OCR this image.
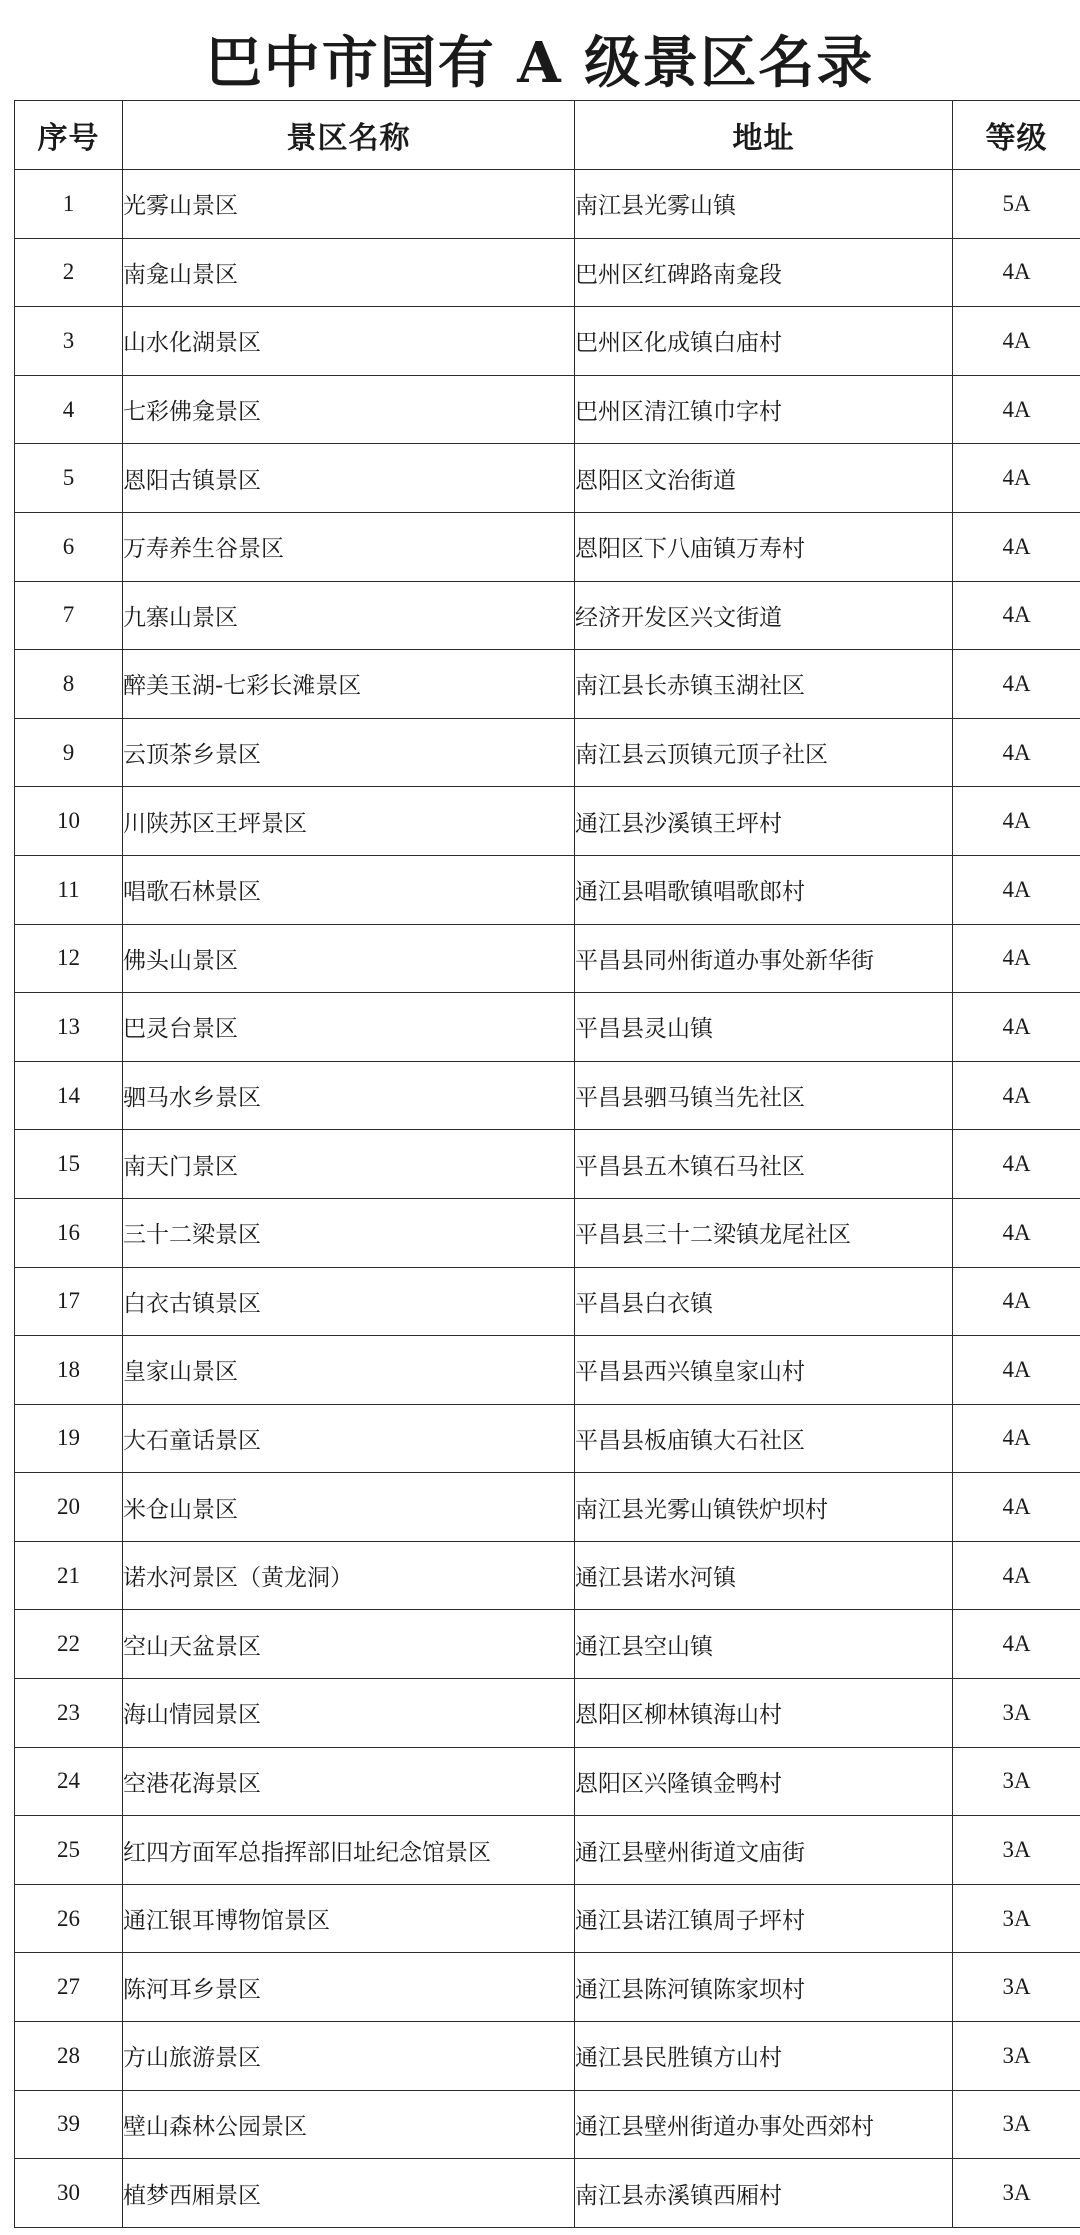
巴中市国有 A 级景区名录
序号	景区名称	地址	等级
1	光雾山景区	南江县光雾山镇	5A
2	南龛山景区	巴州区红碑路南龛段	4A
3	山水化湖景区	巴州区化成镇白庙村	4A
4	七彩佛龛景区	巴州区清江镇巾字村	4A
5	恩阳古镇景区	恩阳区文治街道	4A
6	万寿养生谷景区	恩阳区下八庙镇万寿村	4A
7	九寨山景区	经济开发区兴文街道	4A
8	醉美玉湖-七彩长滩景区	南江县长赤镇玉湖社区	4A
9	云顶茶乡景区	南江县云顶镇元顶子社区	4A
10	川陕苏区王坪景区	通江县沙溪镇王坪村	4A
11	唱歌石林景区	通江县唱歌镇唱歌郎村	4A
12	佛头山景区	平昌县同州街道办事处新华街	4A
13	巴灵台景区	平昌县灵山镇	4A
14	驷马水乡景区	平昌县驷马镇当先社区	4A
15	南天门景区	平昌县五木镇石马社区	4A
16	三十二梁景区	平昌县三十二梁镇龙尾社区	4A
17	白衣古镇景区	平昌县白衣镇	4A
18	皇家山景区	平昌县西兴镇皇家山村	4A
19	大石童话景区	平昌县板庙镇大石社区	4A
20	米仓山景区	南江县光雾山镇铁炉坝村	4A
21	诺水河景区（黄龙洞）	通江县诺水河镇	4A
22	空山天盆景区	通江县空山镇	4A
23	海山情园景区	恩阳区柳林镇海山村	3A
24	空港花海景区	恩阳区兴隆镇金鸭村	3A
25	红四方面军总指挥部旧址纪念馆景区	通江县壁州街道文庙街	3A
26	通江银耳博物馆景区	通江县诺江镇周子坪村	3A
27	陈河耳乡景区	通江县陈河镇陈家坝村	3A
28	方山旅游景区	通江县民胜镇方山村	3A
39	壁山森林公园景区	通江县壁州街道办事处西郊村	3A
30	植梦西厢景区	南江县赤溪镇西厢村	3A
